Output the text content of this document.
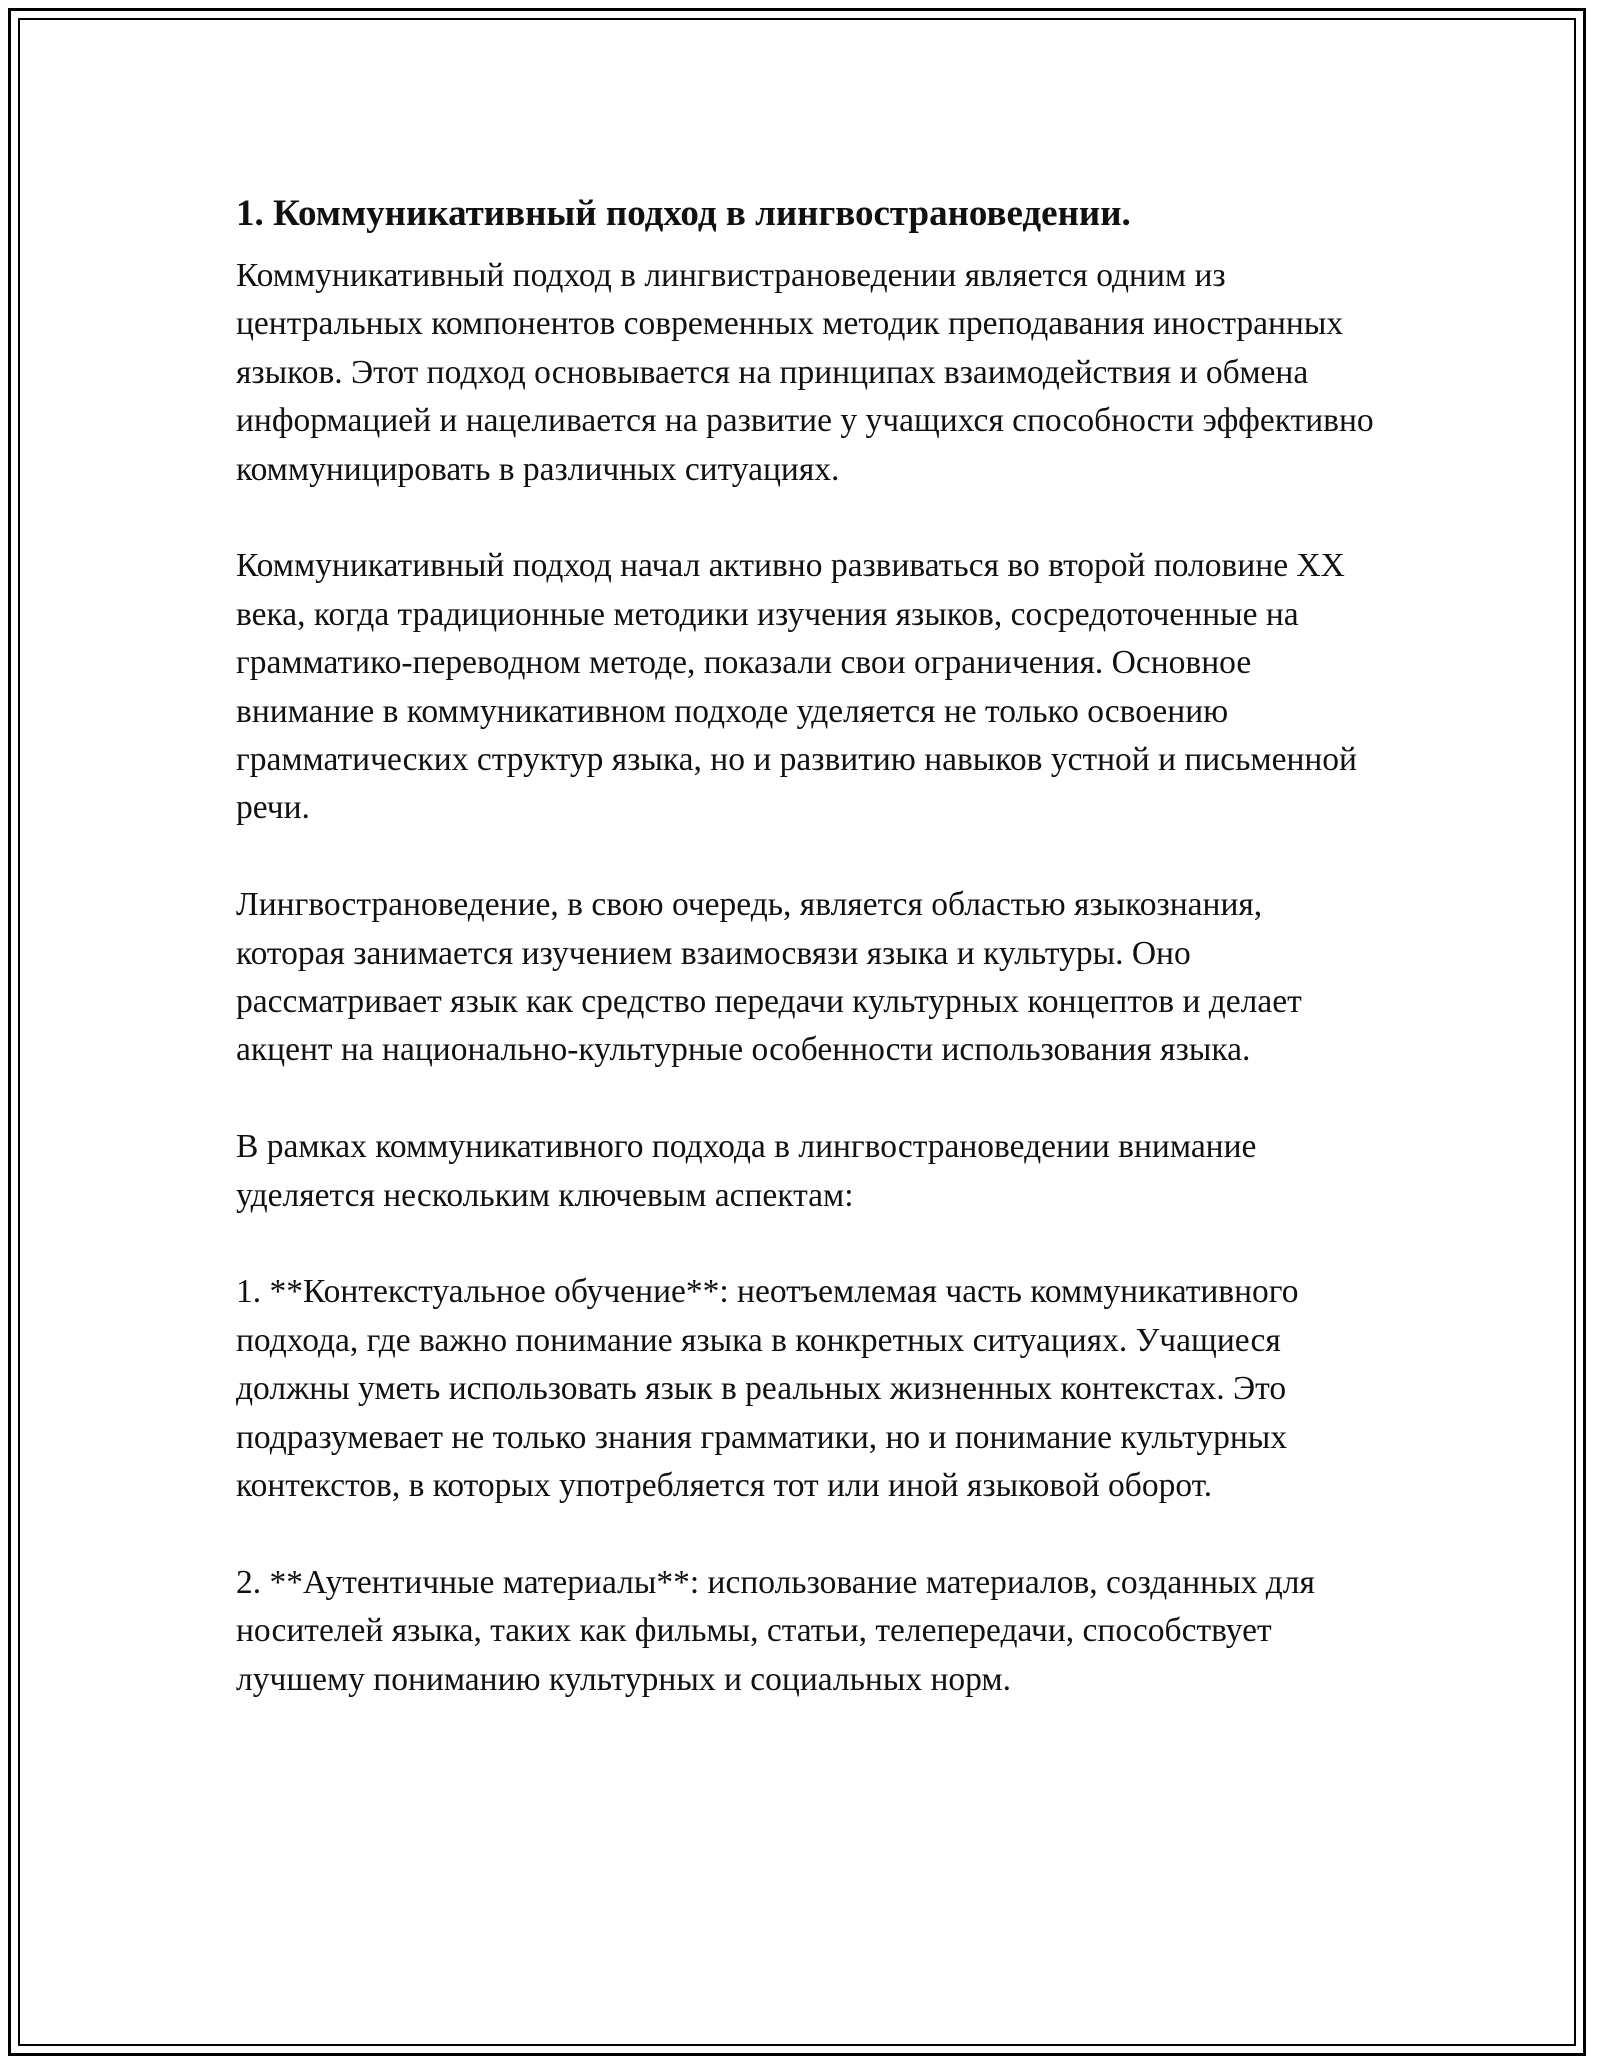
1. Коммуникативный подход в лингвострановедении.

Коммуникативный подход в лингвистрановедении является одним из центральных компонентов современных методик преподавания иностранных языков. Этот подход основывается на принципах взаимодействия и обмена информацией и нацеливается на развитие у учащихся способности эффективно коммуницировать в различных ситуациях.

Коммуникативный подход начал активно развиваться во второй половине XX века, когда традиционные методики изучения языков, сосредоточенные на грамматико-переводном методе, показали свои ограничения. Основное внимание в коммуникативном подходе уделяется не только освоению грамматических структур языка, но и развитию навыков устной и письменной речи.

Лингвострановедение, в свою очередь, является областью языкознания, которая занимается изучением взаимосвязи языка и культуры. Оно рассматривает язык как средство передачи культурных концептов и делает акцент на национально-культурные особенности использования языка.

В рамках коммуникативного подхода в лингвострановедении внимание уделяется нескольким ключевым аспектам:

1. **Контекстуальное обучение**: неотъемлемая часть коммуникативного подхода, где важно понимание языка в конкретных ситуациях. Учащиеся должны уметь использовать язык в реальных жизненных контекстах. Это подразумевает не только знания грамматики, но и понимание культурных контекстов, в которых употребляется тот или иной языковой оборот.

2. **Аутентичные материалы**: использование материалов, созданных для носителей языка, таких как фильмы, статьи, телепередачи, способствует лучшему пониманию культурных и социальных норм.
